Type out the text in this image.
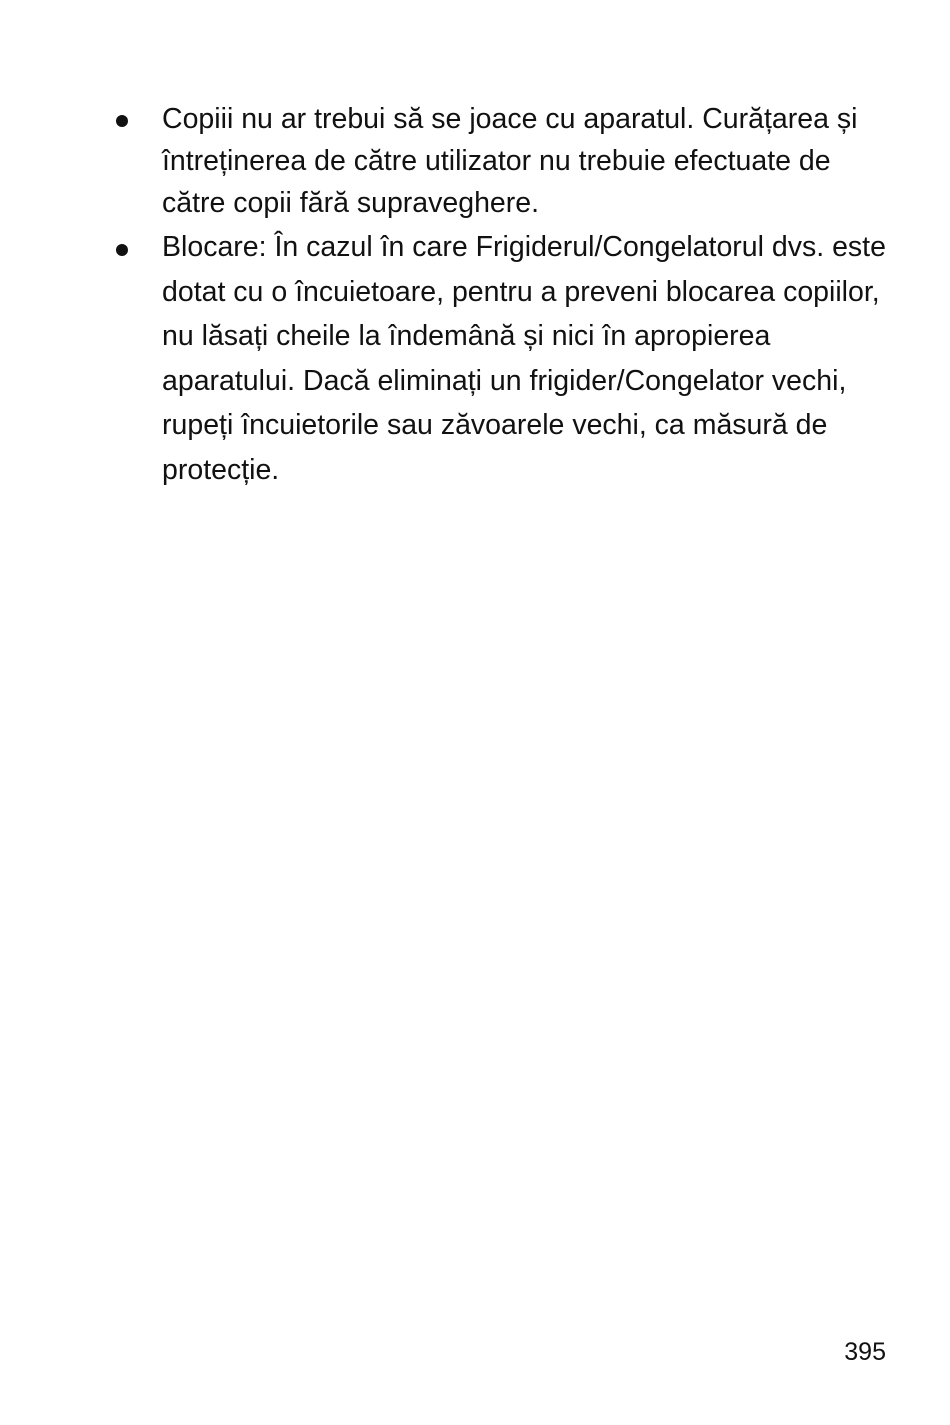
Copiii nu ar trebui să se joace cu aparatul. Curățarea și întreținerea de către utilizator nu trebuie efectuate de către copii fără supraveghere.
Blocare: În cazul în care Frigiderul/Congelatorul dvs. este dotat cu o încuietoare, pentru a preveni blocarea copiilor, nu lăsați cheile la îndemână și nici în apropierea aparatului. Dacă eliminați un frigider/Congelator vechi, rupeți încuietorile sau zăvoarele vechi, ca măsură de protecție.
395
